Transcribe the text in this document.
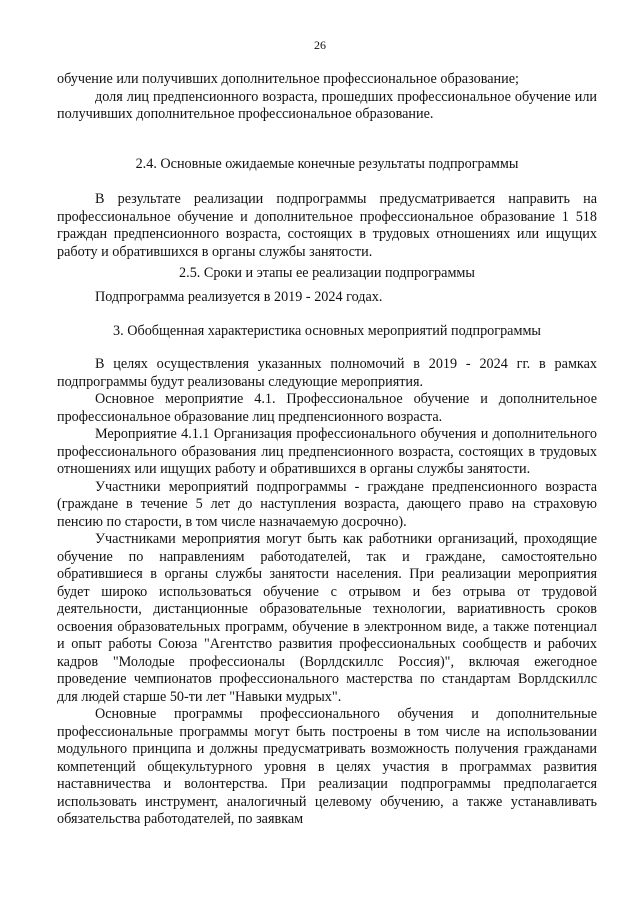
26

обучение или получивших дополнительное профессиональное образование;

доля лиц предпенсионного возраста, прошедших профессиональное обучение или получивших дополнительное профессиональное образование.

2.4. Основные ожидаемые конечные результаты подпрограммы

В результате реализации подпрограммы предусматривается направить на профессиональное обучение и дополнительное профессиональное образование 1 518 граждан предпенсионного возраста, состоящих в трудовых отношениях или ищущих работу и обратившихся в органы службы занятости.

2.5. Сроки и этапы ее реализации подпрограммы

Подпрограмма реализуется в 2019 - 2024 годах.

3. Обобщенная характеристика основных мероприятий подпрограммы

В целях осуществления указанных полномочий в 2019 - 2024 гг. в рамках подпрограммы будут реализованы следующие мероприятия.

Основное мероприятие 4.1. Профессиональное обучение и дополнительное профессиональное образование лиц предпенсионного возраста.

Мероприятие 4.1.1 Организация профессионального обучения и дополнительного профессионального образования лиц предпенсионного возраста, состоящих в трудовых отношениях или ищущих работу и обратившихся в органы службы занятости.

Участники мероприятий подпрограммы - граждане предпенсионного возраста (граждане в течение 5 лет до наступления возраста, дающего право на страховую пенсию по старости, в том числе назначаемую досрочно).

Участниками мероприятия могут быть как работники организаций, проходящие обучение по направлениям работодателей, так и граждане, самостоятельно обратившиеся в органы службы занятости населения. При реализации мероприятия будет широко использоваться обучение с отрывом и без отрыва от трудовой деятельности, дистанционные образовательные технологии, вариативность сроков освоения образовательных программ, обучение в электронном виде, а также потенциал и опыт работы Союза "Агентство развития профессиональных сообществ и рабочих кадров "Молодые профессионалы (Ворлдскиллс Россия)", включая ежегодное проведение чемпионатов профессионального мастерства по стандартам Ворлдскиллс для людей старше 50-ти лет "Навыки мудрых".

Основные программы профессионального обучения и дополнительные профессиональные программы могут быть построены в том числе на использовании модульного принципа и должны предусматривать возможность получения гражданами компетенций общекультурного уровня в целях участия в программах развития наставничества и волонтерства. При реализации подпрограммы предполагается использовать инструмент, аналогичный целевому обучению, а также устанавливать обязательства работодателей, по заявкам
